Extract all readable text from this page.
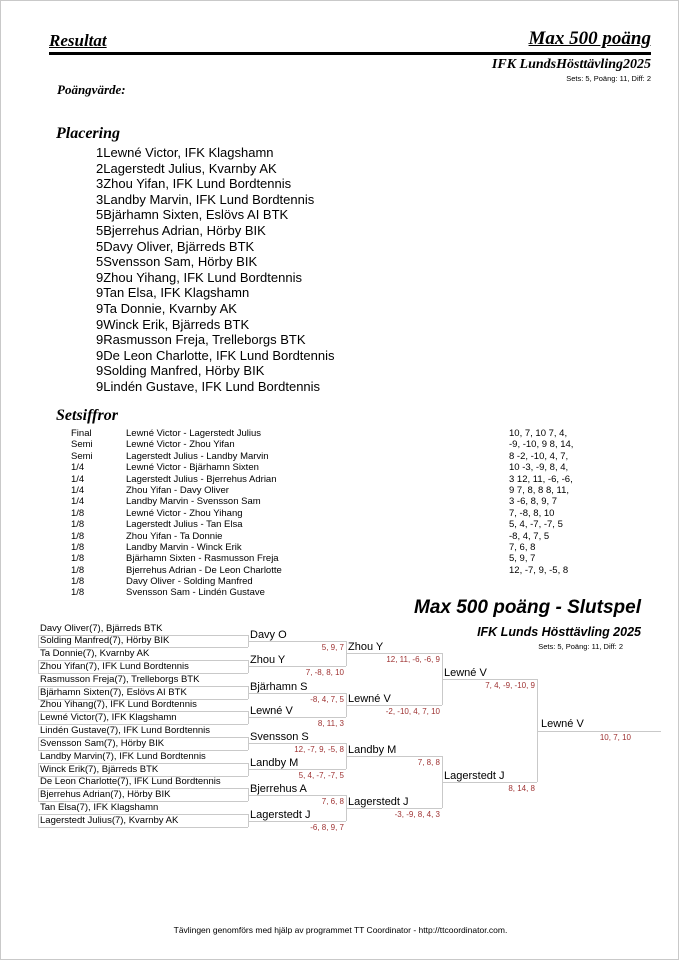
Resultat	Max 500 poäng
IFK LundsHösttävling2025
Sets: 5, Poäng: 11, Diff: 2
Poängvärde:
Placering
1Lewné Victor, IFK Klagshamn
2Lagerstedt Julius, Kvarnby AK
3Zhou Yifan, IFK Lund Bordtennis
3Landby Marvin, IFK Lund Bordtennis
5Bjärhamn Sixten, Eslövs AI BTK
5Bjerrehus Adrian, Hörby BIK
5Davy Oliver, Bjärreds BTK
5Svensson Sam, Hörby BIK
9Zhou Yihang, IFK Lund Bordtennis
9Tan Elsa, IFK Klagshamn
9Ta Donnie, Kvarnby AK
9Winck Erik, Bjärreds BTK
9Rasmusson Freja, Trelleborgs BTK
9De Leon Charlotte, IFK Lund Bordtennis
9Solding Manfred, Hörby BIK
9Lindén Gustave, IFK Lund Bordtennis
Setsiffror
Final	Lewné Victor - Lagerstedt Julius	10, 7, 10 7, 4,
Semi	Lewné Victor - Zhou Yifan	-9, -10, 9 8, 14,
Semi	Lagerstedt Julius - Landby Marvin	8 -2, -10, 4, 7,
1/4	Lewné Victor - Bjärhamn Sixten	10 -3, -9, 8, 4,
1/4	Lagerstedt Julius - Bjerrehus Adrian	3 12, 11, -6, -6,
1/4	Zhou Yifan - Davy Oliver	9 7, 8, 8 8, 11,
1/4	Landby Marvin - Svensson Sam	3 -6, 8, 9, 7
1/8	Lewné Victor - Zhou Yihang	7, -8, 8, 10
1/8	Lagerstedt Julius - Tan Elsa	5, 4, -7, -7, 5
1/8	Zhou Yifan - Ta Donnie	-8, 4, 7, 5
1/8	Landby Marvin - Winck Erik	7, 6, 8
1/8	Bjärhamn Sixten - Rasmusson Freja	5, 9, 7
1/8	Bjerrehus Adrian - De Leon Charlotte	12, -7, 9, -5, 8
1/8	Davy Oliver - Solding Manfred
1/8	Svensson Sam - Lindén Gustave
Max 500 poäng - Slutspel
IFK Lunds Hösttävling 2025
Sets: 5, Poäng: 11, Diff: 2
Davy Oliver(7), Bjärreds BTK
Solding Manfred(7), Hörby BIK
Ta Donnie(7), Kvarnby AK
Zhou Yifan(7), IFK Lund Bordtennis
Rasmusson Freja(7), Trelleborgs BTK
Bjärhamn Sixten(7), Eslövs AI BTK
Zhou Yihang(7), IFK Lund Bordtennis
Lewné Victor(7), IFK Klagshamn
Lindén Gustave(7), IFK Lund Bordtennis
Svensson Sam(7), Hörby BIK
Landby Marvin(7), IFK Lund Bordtennis
Winck Erik(7), Bjärreds BTK
De Leon Charlotte(7), IFK Lund Bordtennis
Bjerrehus Adrian(7), Hörby BIK
Tan Elsa(7), IFK Klagshamn
Lagerstedt Julius(7), Kvarnby AK
Davy O
Zhou Y
Bjärhamn S
Lewné V
Svensson S
Landby M
Bjerrehus A
Lagerstedt J
5, 9, 7
7, -8, 8, 10
-8, 4, 7, 5
8, 11, 3
12, -7, 9, -5, 8
5, 4, -7, -7, 5
7, 6, 8
-6, 8, 9, 7
Zhou Y
Lewné V
Landby M
Lagerstedt J
12, 11, -6, -6, 9
-2, -10, 4, 7, 10
7, 8, 8
-3, -9, 8, 4, 3
Lewné V
Lagerstedt J
7, 4, -9, -10, 9
8, 14, 8
Lewné V
10, 7, 10
Tävlingen genomförs med hjälp av programmet TT Coordinator - http://ttcoordinator.com.
